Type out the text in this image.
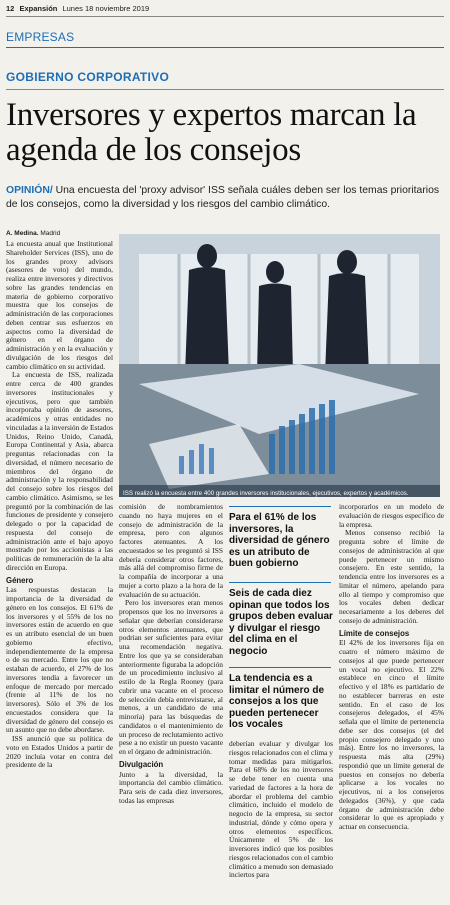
12 Expansión Lunes 18 noviembre 2019
EMPRESAS
GOBIERNO CORPORATIVO
Inversores y expertos marcan la agenda de los consejos
OPINIÓN/ Una encuesta del 'proxy advisor' ISS señala cuáles deben ser los temas prioritarios de los consejos, como la diversidad y los riesgos del cambio climático.
A. Medina. Madrid

La encuesta anual que Institutional Shareholder Services (ISS), uno de los grandes proxy advisors (asesores de voto) del mundo, realiza entre inversores y directivos sobre las grandes tendencias en materia de gobierno corporativo muestra que los consejos de administración de las corporaciones deben centrar sus esfuerzos en aspectos como la diversidad de género en el órgano de administración y en la evaluación y divulgación de los riesgos del cambio climático en su actividad.

La encuesta de ISS, realizada entre cerca de 400 grandes inversores institucionales y ejecutivos, pero que también incorporaba opinión de asesores, académicos y otras entidades no vinculadas a la inversión de Estados Unidos, Reino Unido, Canadá, Europa Continental y Asia, abarca preguntas relacionadas con la diversidad, el número necesario de miembros del órgano de administración y la responsabilidad del consejo sobre los riesgos del cambio climático. Asimismo, se les preguntó por la combinación de las funciones de presidente y consejero delegado o por la capacidad de respuesta del consejo de administración ante el bajo apoyo mostrado por los accionistas a las políticas de remuneración de la alta dirección en Europa.

Género

Las respuestas destacan la importancia de la diversidad de género en los consejos. El 61% de los inversores y el 55% de los no inversores están de acuerdo en que es un atributo esencial de un buen gobierno efectivo, independientemente de la empresa o de su mercado. Entre los que no estaban de acuerdo, el 27% de los inversores tendía a favorecer un enfoque de mercado por mercado (frente al 11% de los no inversores). Sólo el 3% de los encuestados considera que la diversidad de género del consejo es un asunto que no debe abordarse.

ISS anunció que su política de voto en Estados Unidos a partir de 2020 incluía votar en contra del presidente de la

ISS realizó la encuesta entre 400 grandes inversores institucionales, ejecutivos, expertos y académicos.

comisión de nombramientos cuando no haya mujeres en el consejo de administración de la empresa, pero con algunos factores atenuantes. A los encuestados se les preguntó si ISS debería considerar otros factores, más allá del compromiso firme de la compañía de incorporar a una mujer a corto plazo a la hora de la evaluación de su actuación.

Pero los inversores eran menos propensos que los no inversores a señalar que deberían considerarse otros elementos atenuantes, que podrían ser suficientes para evitar una recomendación negativa. Entre los que ya se consideraban anteriormente figuraba la adopción de un procedimiento inclusivo al estilo de la Regla Rooney (para cubrir una vacante en el proceso de selección debía entrevistarse, al menos, a un candidato de una minoría) para las búsquedas de candidatos o el mantenimiento de un proceso de reclutamiento activo pese a no existir un puesto vacante en el órgano de administración.

Divulgación

Junto a la diversidad, la importancia del cambio climático. Para seis de cada diez inversores, todas las empresas

Para el 61% de los inversores, la diversidad de género es un atributo de buen gobierno
Seis de cada diez opinan que todos los grupos deben evaluar y divulgar el riesgo del clima en el negocio
La tendencia es a limitar el número de consejos a los que pueden pertenecer los vocales

deberían evaluar y divulgar los riesgos relacionados con el clima y tomar medidas para mitigarlos. Para el 68% de los no inversores se debe tener en cuenta una variedad de factores a la hora de abordar el problema del cambio climático, incluido el modelo de negocio de la empresa, su sector industrial, dónde y cómo opera y otros elementos específicos. Únicamente el 5% de los inversores indicó que los posibles riesgos relacionados con el cambio climático a menudo son demasiado inciertos para

incorporarlos en un modelo de evaluación de riesgos específico de la empresa.

Menos consenso recibió la pregunta sobre el límite de consejos de administración al que puede pertenecer un mismo consejero. En este sentido, la tendencia entre los inversores es a limitar el número, apelando para ello al tiempo y compromiso que los vocales deben dedicar necesariamente a los deberes del consejo de administración.

Límite de consejos

El 42% de los inversores fija en cuatro el número máximo de consejos al que puede pertenecer un vocal no ejecutivo. El 22% establece en cinco el límite efectivo y el 18% es partidario de no establecer barreras en este sentido. En el caso de los consejeros delegados, el 45% señala que el límite de pertenencia debe ser dos consejos (el del propio consejero delegado y uno más). Entre los no inversores, la respuesta más alta (29%) respondió que un límite general de puestos en consejos no debería aplicarse a los vocales no ejecutivos, ni a los consejeros delegados (36%), y que cada órgano de administración debe considerar lo que es apropiado y actuar en consecuencia.
